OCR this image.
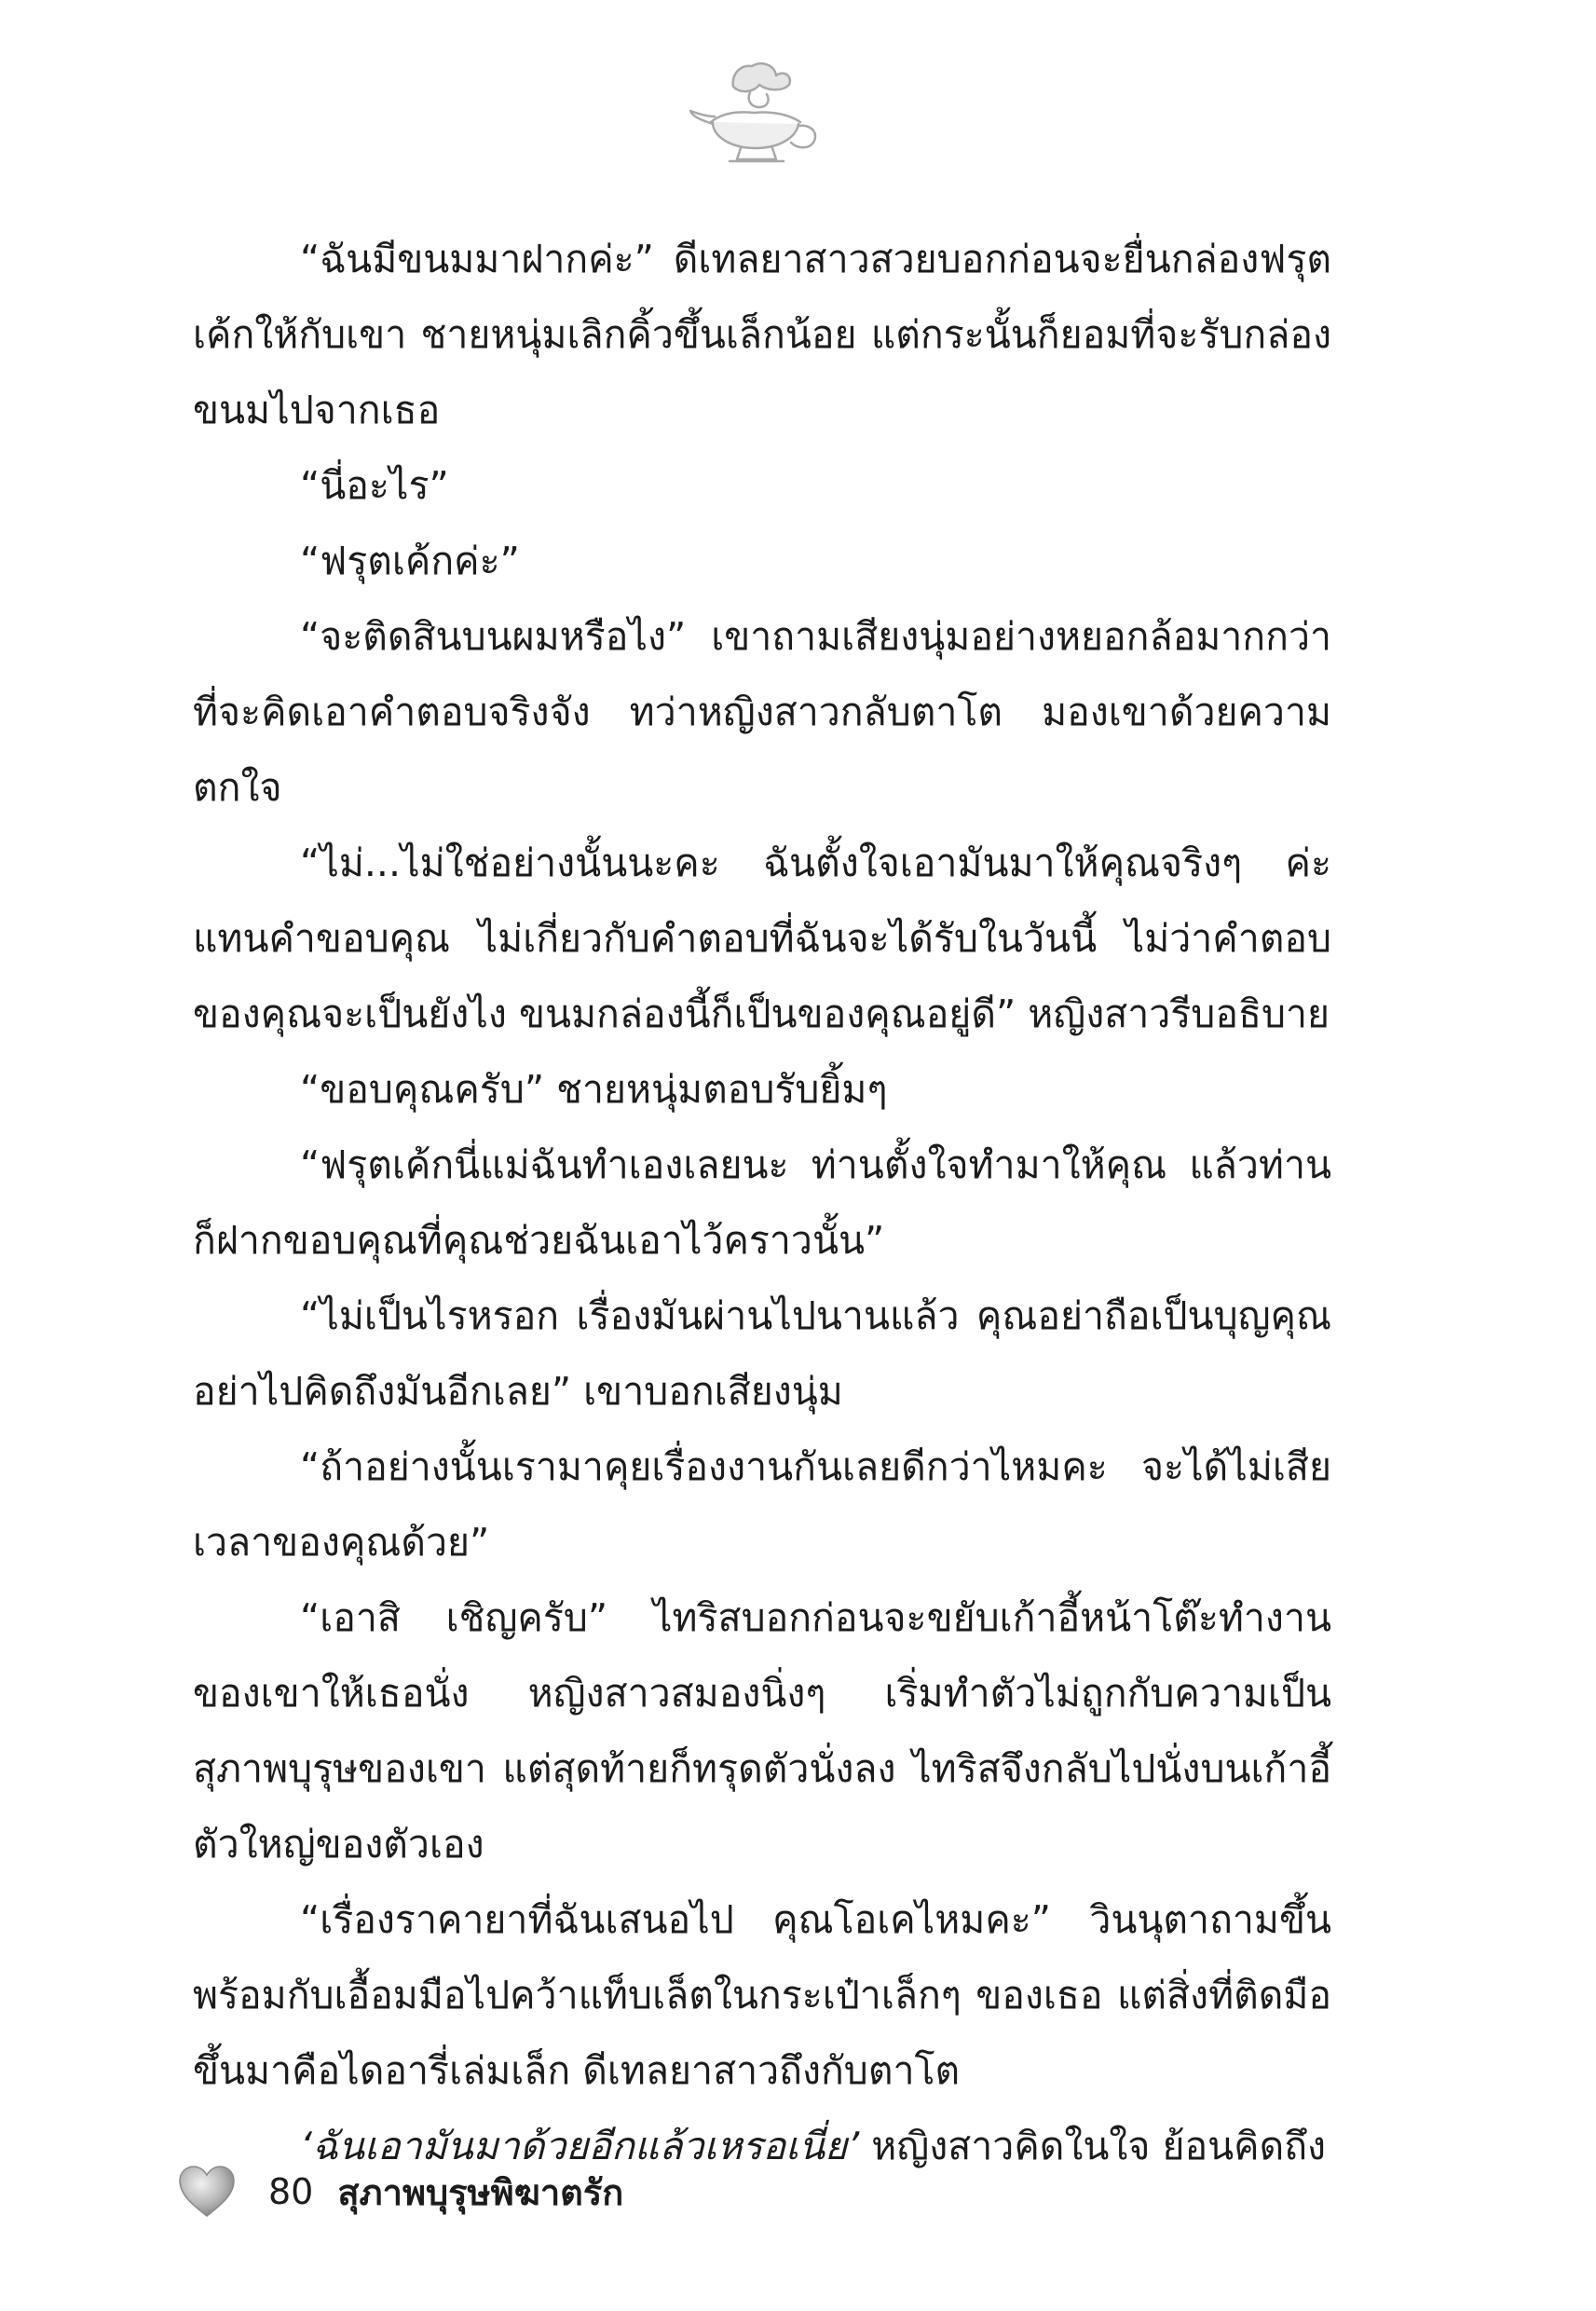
“ฉันมีขนมมาฝากค่ะ” ดีเทลยาสาวสวยบอกก่อนจะยื่นกล่องฟรุตเค้กให้กับเขา ชายหนุ่มเลิกคิ้วขึ้นเล็กน้อย แต่กระนั้นก็ยอมที่จะรับกล่องขนมไปจากเธอ

“นี่อะไร”

“ฟรุตเค้กค่ะ”

“จะติดสินบนผมหรือไง” เขาถามเสียงนุ่มอย่างหยอกล้อมากกว่าที่จะคิดเอาคำตอบจริงจัง ทว่าหญิงสาวกลับตาโต มองเขาด้วยความตกใจ

“ไม่...ไม่ใช่อย่างนั้นนะคะ ฉันตั้งใจเอามันมาให้คุณจริงๆ ค่ะ แทนคำขอบคุณ ไม่เกี่ยวกับคำตอบที่ฉันจะได้รับในวันนี้ ไม่ว่าคำตอบของคุณจะเป็นยังไง ขนมกล่องนี้ก็เป็นของคุณอยู่ดี” หญิงสาวรีบอธิบาย

“ขอบคุณครับ” ชายหนุ่มตอบรับยิ้มๆ

“ฟรุตเค้กนี่แม่ฉันทำเองเลยนะ ท่านตั้งใจทำมาให้คุณ แล้วท่านก็ฝากขอบคุณที่คุณช่วยฉันเอาไว้คราวนั้น”

“ไม่เป็นไรหรอก เรื่องมันผ่านไปนานแล้ว คุณอย่าถือเป็นบุญคุณอย่าไปคิดถึงมันอีกเลย” เขาบอกเสียงนุ่ม

“ถ้าอย่างนั้นเรามาคุยเรื่องงานกันเลยดีกว่าไหมคะ จะได้ไม่เสียเวลาของคุณด้วย”

“เอาสิ เชิญครับ” ไทริสบอกก่อนจะขยับเก้าอี้หน้าโต๊ะทำงานของเขาให้เธอนั่ง หญิงสาวสมองนิ่งๆ เริ่มทำตัวไม่ถูกกับความเป็นสุภาพบุรุษของเขา แต่สุดท้ายก็ทรุดตัวนั่งลง ไทริสจึงกลับไปนั่งบนเก้าอี้ตัวใหญ่ของตัวเอง

“เรื่องราคายาที่ฉันเสนอไป คุณโอเคไหมคะ” วินนุตาถามขึ้นพร้อมกับเอื้อมมือไปคว้าแท็บเล็ตในกระเป๋าเล็กๆ ของเธอ แต่สิ่งที่ติดมือขึ้นมาคือไดอารี่เล่มเล็ก ดีเทลยาสาวถึงกับตาโต

‘ฉันเอามันมาด้วยอีกแล้วเหรอเนี่ย’ หญิงสาวคิดในใจ ย้อนคิดถึง

80 สุภาพบุรุษพิฆาตรัก
